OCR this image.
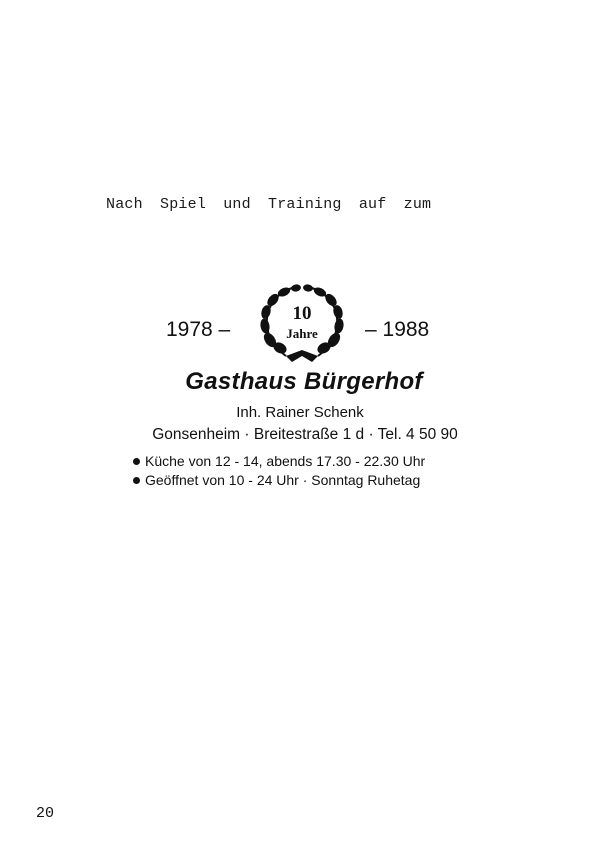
Nach Spiel und Training auf zum
1978 –
10
Jahre	– 1988
Gasthaus Bürgerhof
Inh. Rainer Schenk
Gonsenheim · Breitestraße 1 d · Tel. 4 50 90
Küche von 12 - 14, abends 17.30 - 22.30 Uhr
Geöffnet von 10 - 24 Uhr · Sonntag Ruhetag
20
